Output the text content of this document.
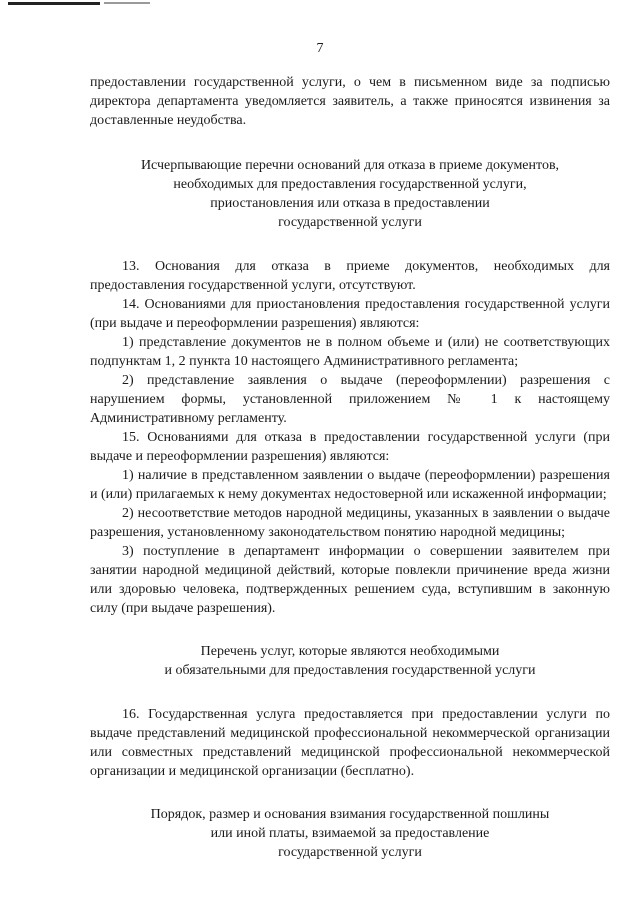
7

предоставлении государственной услуги, о чем в письменном виде за подписью директора департамента уведомляется заявитель, а также приносятся извинения за доставленные неудобства.

Исчерпывающие перечни оснований для отказа в приеме документов,
необходимых для предоставления государственной услуги,
приостановления или отказа в предоставлении
государственной услуги

13. Основания для отказа в приеме документов, необходимых для предоставления государственной услуги, отсутствуют.

14. Основаниями для приостановления предоставления государственной услуги (при выдаче и переоформлении разрешения) являются:

1) представление документов не в полном объеме и (или) не соответствующих подпунктам 1, 2 пункта 10 настоящего Административного регламента;

2) представление заявления о выдаче (переоформлении) разрешения с нарушением формы, установленной приложением № 1 к настоящему Административному регламенту.

15. Основаниями для отказа в предоставлении государственной услуги (при выдаче и переоформлении разрешения) являются:

1) наличие в представленном заявлении о выдаче (переоформлении) разрешения и (или) прилагаемых к нему документах недостоверной или искаженной информации;

2) несоответствие методов народной медицины, указанных в заявлении о выдаче разрешения, установленному законодательством понятию народной медицины;

3) поступление в департамент информации о совершении заявителем при занятии народной медициной действий, которые повлекли причинение вреда жизни или здоровью человека, подтвержденных решением суда, вступившим в законную силу (при выдаче разрешения).

Перечень услуг, которые являются необходимыми
и обязательными для предоставления государственной услуги

16. Государственная услуга предоставляется при предоставлении услуги по выдаче представлений медицинской профессиональной некоммерческой организации или совместных представлений медицинской профессиональной некоммерческой организации и медицинской организации (бесплатно).

Порядок, размер и основания взимания государственной пошлины
или иной платы, взимаемой за предоставление
государственной услуги
